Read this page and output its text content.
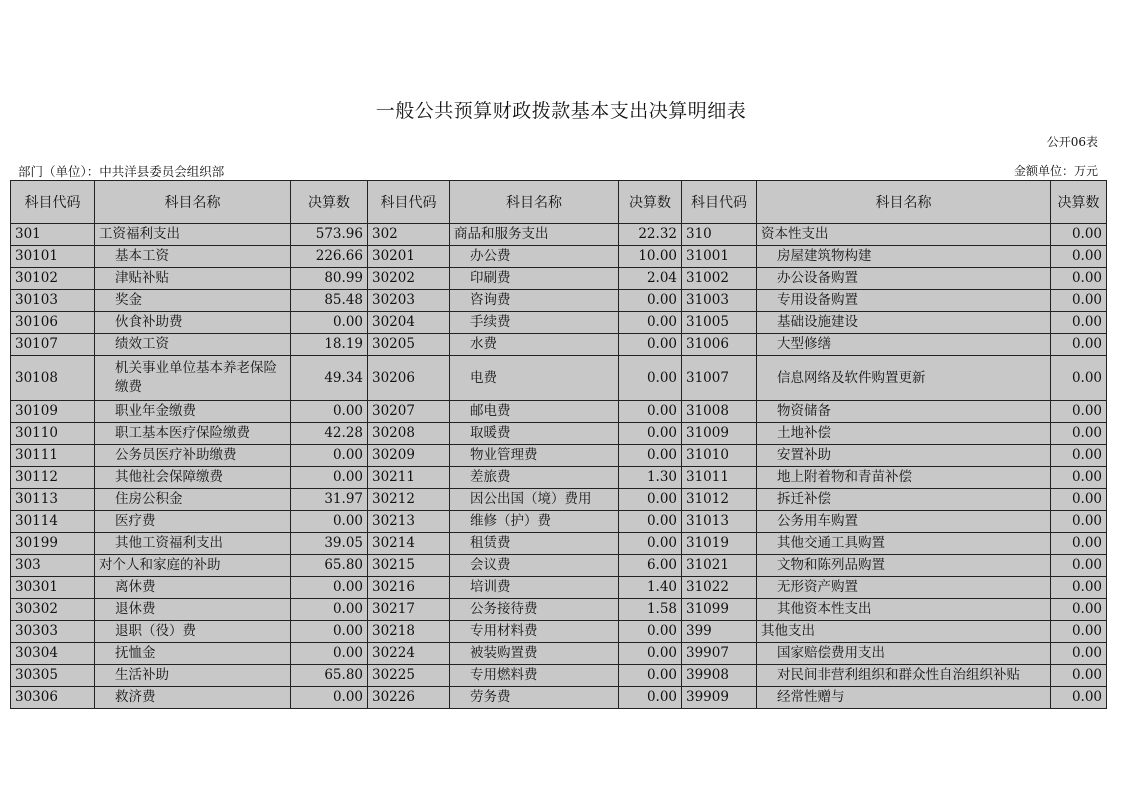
一般公共预算财政拨款基本支出决算明细表
公开06表
部门（单位）：中共洋县委员会组织部	金额单位：万元
科目代码	科目名称	决算数	科目代码	科目名称	决算数	科目代码	科目名称	决算数
301	工资福利支出	573.96	302	商品和服务支出	22.32	310	资本性支出	0.00
30101	基本工资	226.66	30201	办公费	10.00	31001	房屋建筑物构建	0.00
30102	津贴补贴	80.99	30202	印刷费	2.04	31002	办公设备购置	0.00
30103	奖金	85.48	30203	咨询费	0.00	31003	专用设备购置	0.00
30106	伙食补助费	0.00	30204	手续费	0.00	31005	基础设施建设	0.00
30107	绩效工资	18.19	30205	水费	0.00	31006	大型修缮	0.00
30108	机关事业单位基本养老保险缴费	49.34	30206	电费	0.00	31007	信息网络及软件购置更新	0.00
30109	职业年金缴费	0.00	30207	邮电费	0.00	31008	物资储备	0.00
30110	职工基本医疗保险缴费	42.28	30208	取暖费	0.00	31009	土地补偿	0.00
30111	公务员医疗补助缴费	0.00	30209	物业管理费	0.00	31010	安置补助	0.00
30112	其他社会保障缴费	0.00	30211	差旅费	1.30	31011	地上附着物和青苗补偿	0.00
30113	住房公积金	31.97	30212	因公出国（境）费用	0.00	31012	拆迁补偿	0.00
30114	医疗费	0.00	30213	维修（护）费	0.00	31013	公务用车购置	0.00
30199	其他工资福利支出	39.05	30214	租赁费	0.00	31019	其他交通工具购置	0.00
303	对个人和家庭的补助	65.80	30215	会议费	6.00	31021	文物和陈列品购置	0.00
30301	离休费	0.00	30216	培训费	1.40	31022	无形资产购置	0.00
30302	退休费	0.00	30217	公务接待费	1.58	31099	其他资本性支出	0.00
30303	退职（役）费	0.00	30218	专用材料费	0.00	399	其他支出	0.00
30304	抚恤金	0.00	30224	被装购置费	0.00	39907	国家赔偿费用支出	0.00
30305	生活补助	65.80	30225	专用燃料费	0.00	39908	对民间非营利组织和群众性自治组织补贴	0.00
30306	救济费	0.00	30226	劳务费	0.00	39909	经常性赠与	0.00
